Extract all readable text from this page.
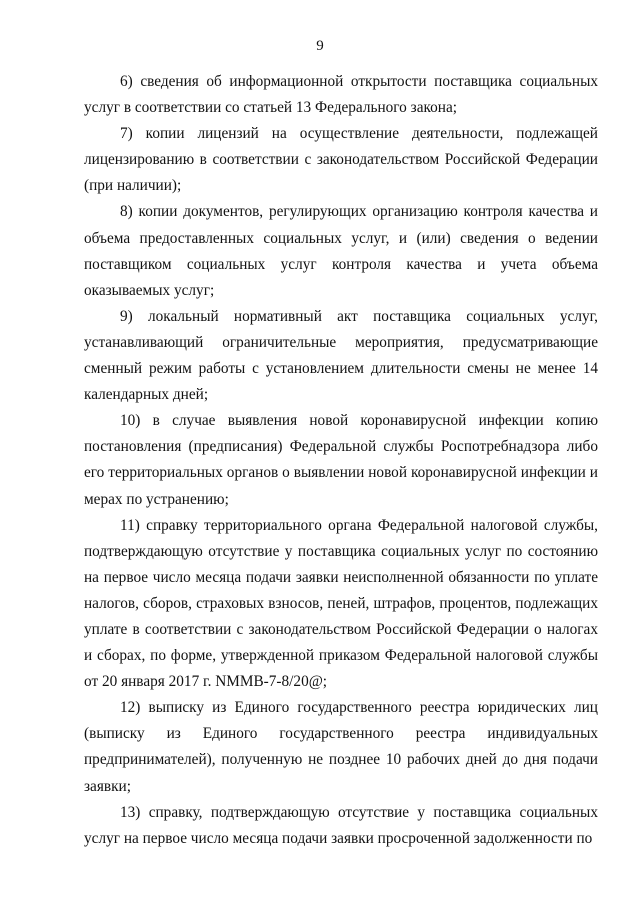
9

6) сведения об информационной открытости поставщика социальных услуг в соответствии со статьей 13 Федерального закона;

7) копии лицензий на осуществление деятельности, подлежащей лицензированию в соответствии с законодательством Российской Федерации (при наличии);

8) копии документов, регулирующих организацию контроля качества и объема предоставленных социальных услуг, и (или) сведения о ведении поставщиком социальных услуг контроля качества и учета объема оказываемых услуг;

9) локальный нормативный акт поставщика социальных услуг, устанавливающий ограничительные мероприятия, предусматривающие сменный режим работы с установлением длительности смены не менее 14 календарных дней;

10) в случае выявления новой коронавирусной инфекции копию постановления (предписания) Федеральной службы Роспотребнадзора либо его территориальных органов о выявлении новой коронавирусной инфекции и мерах по устранению;

11) справку территориального органа Федеральной налоговой службы, подтверждающую отсутствие у поставщика социальных услуг по состоянию на первое число месяца подачи заявки неисполненной обязанности по уплате налогов, сборов, страховых взносов, пеней, штрафов, процентов, подлежащих уплате в соответствии с законодательством Российской Федерации о налогах и сборах, по форме, утвержденной приказом Федеральной налоговой службы от 20 января 2017 г. NММВ-7-8/20@;

12) выписку из Единого государственного реестра юридических лиц (выписку из Единого государственного реестра индивидуальных предпринимателей), полученную не позднее 10 рабочих дней до дня подачи заявки;

13) справку, подтверждающую отсутствие у поставщика социальных услуг на первое число месяца подачи заявки просроченной задолженности по
